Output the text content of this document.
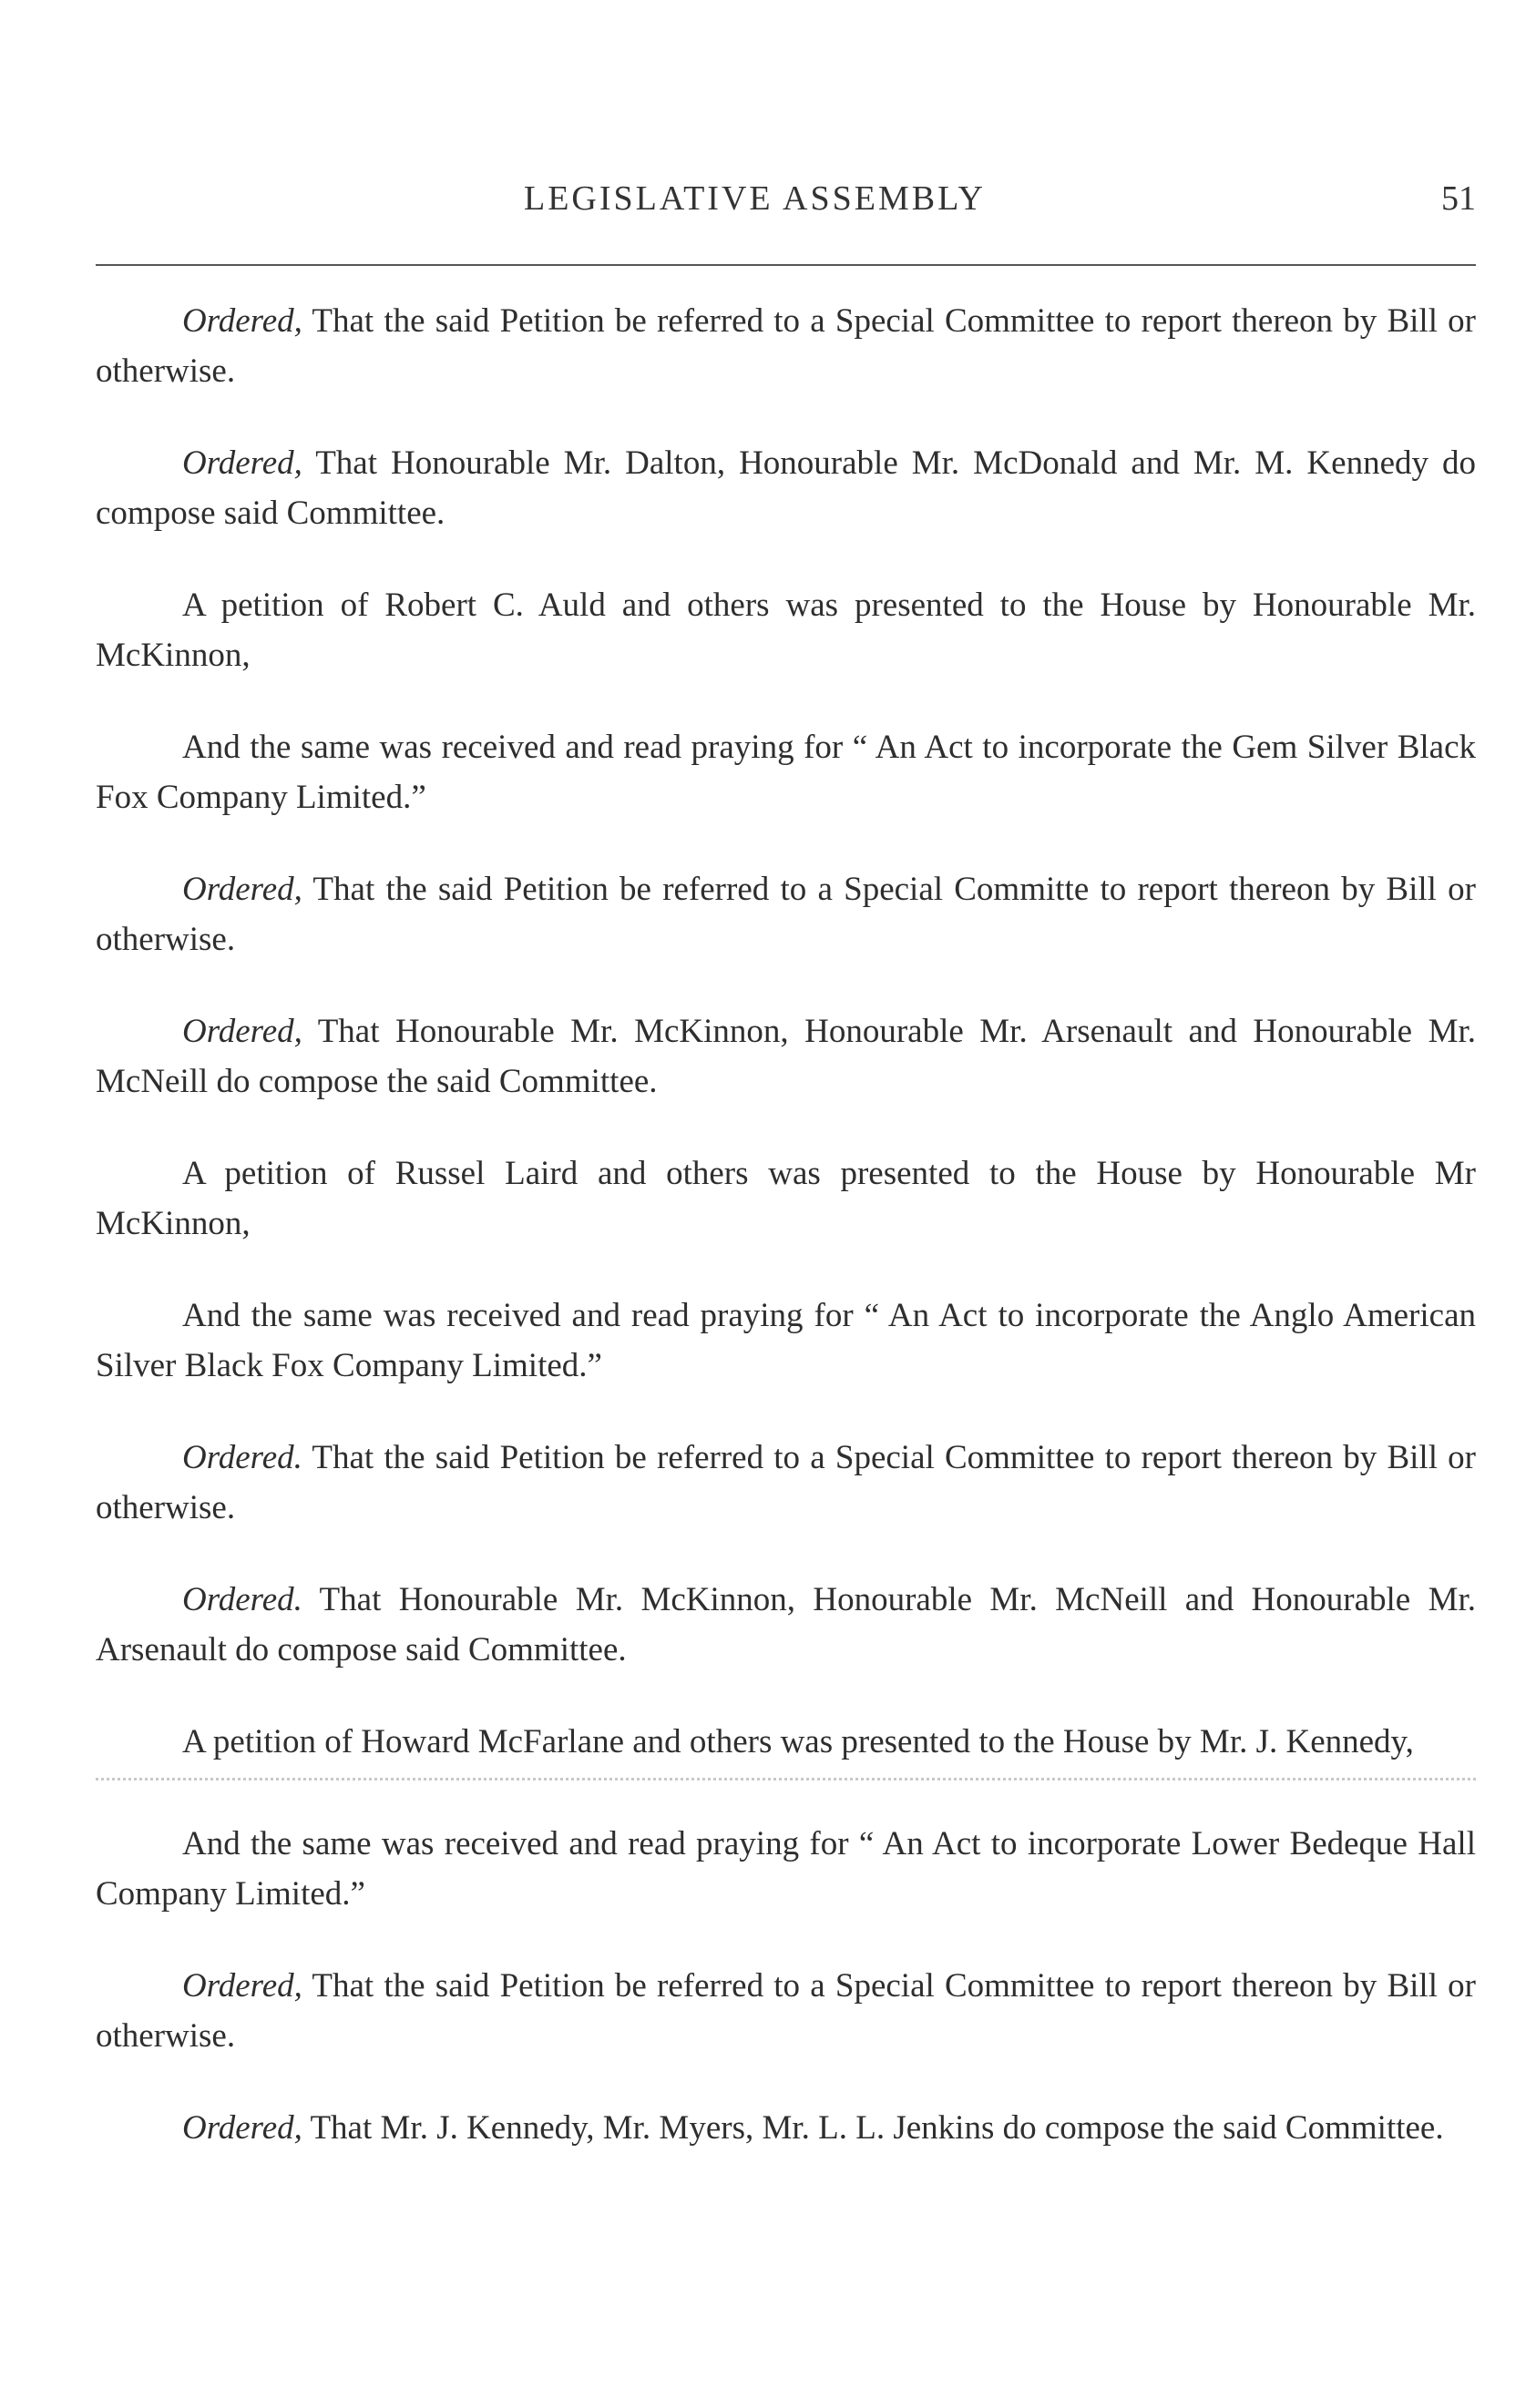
LEGISLATIVE ASSEMBLY	51

Ordered, That the said Petition be referred to a Special Committee to report thereon by Bill or otherwise.

Ordered, That Honourable Mr. Dalton, Honourable Mr. McDonald and Mr. M. Kennedy do compose said Committee.

A petition of Robert C. Auld and others was presented to the House by Honourable Mr. McKinnon,

And the same was received and read praying for “ An Act to incorporate the Gem Silver Black Fox Company Limited.”

Ordered, That the said Petition be referred to a Special Committe to report thereon by Bill or otherwise.

Ordered, That Honourable Mr. McKinnon, Honourable Mr. Arsenault and Honourable Mr. McNeill do compose the said Committee.

A petition of Russel Laird and others was presented to the House by Honourable Mr McKinnon,

And the same was received and read praying for “ An Act to incorporate the Anglo American Silver Black Fox Company Limited.”

Ordered. That the said Petition be referred to a Special Committee to report thereon by Bill or otherwise.

Ordered. That Honourable Mr. McKinnon, Honourable Mr. McNeill and Honourable Mr. Arsenault do compose said Committee.

A petition of Howard McFarlane and others was presented to the House by Mr. J. Kennedy,

And the same was received and read praying for “ An Act to incorporate Lower Bedeque Hall Company Limited.”

Ordered, That the said Petition be referred to a Special Committee to report thereon by Bill or otherwise.

Ordered, That Mr. J. Kennedy, Mr. Myers, Mr. L. L. Jenkins do compose the said Committee.
